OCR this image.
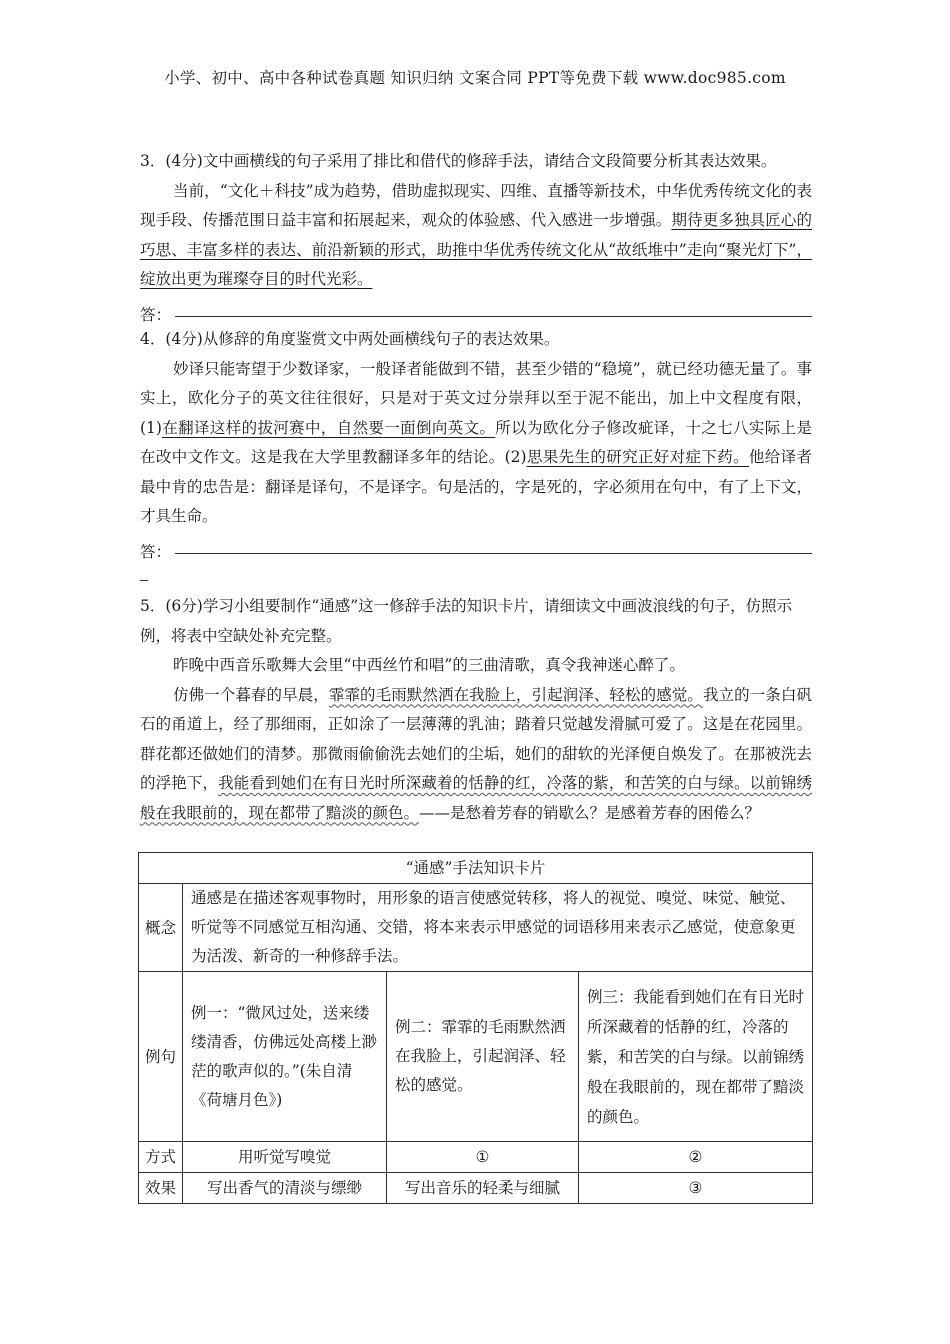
小学、初中、高中各种试卷真题 知识归纳 文案合同 PPT等免费下载 www.doc985.com

3．(4分)文中画横线的句子采用了排比和借代的修辞手法，请结合文段简要分析其表达效果。

当前，“文化＋科技”成为趋势，借助虚拟现实、四维、直播等新技术，中华优秀传统文化的表现手段、传播范围日益丰富和拓展起来，观众的体验感、代入感进一步增强。期待更多独具匠心的巧思、丰富多样的表达、前沿新颖的形式，助推中华优秀传统文化从“故纸堆中”走向“聚光灯下”，绽放出更为璀璨夺目的时代光彩。

答：

4．(4分)从修辞的角度鉴赏文中两处画横线句子的表达效果。

妙译只能寄望于少数译家，一般译者能做到不错，甚至少错的“稳境”，就已经功德无量了。事实上，欧化分子的英文往往很好，只是对于英文过分崇拜以至于泥不能出，加上中文程度有限，(1)在翻译这样的拔河赛中，自然要一面倒向英文。所以为欧化分子修改疵译，十之七八实际上是在改中文作文。这是我在大学里教翻译多年的结论。(2)思果先生的研究正好对症下药。他给译者最中肯的忠告是：翻译是译句，不是译字。句是活的，字是死的，字必须用在句中，有了上下文，才具生命。

答：

5．(6分)学习小组要制作“通感”这一修辞手法的知识卡片，请细读文中画波浪线的句子，仿照示例，将表中空缺处补充完整。

昨晚中西音乐歌舞大会里“中西丝竹和唱”的三曲清歌，真令我神迷心醉了。

仿佛一个暮春的早晨，霏霏的毛雨默然洒在我脸上，引起润泽、轻松的感觉。我立的一条白矾石的甬道上，经了那细雨，正如涂了一层薄薄的乳油；踏着只觉越发滑腻可爱了。这是在花园里。群花都还做她们的清梦。那微雨偷偷洗去她们的尘垢，她们的甜软的光泽便自焕发了。在那被洗去的浮艳下，我能看到她们在有日光时所深藏着的恬静的红，冷落的紫，和苦笑的白与绿。以前锦绣般在我眼前的，现在都带了黯淡的颜色。——是愁着芳春的销歇么？是感着芳春的困倦么？

“通感”手法知识卡片			
概念	通感是在描述客观事物时，用形象的语言使感觉转移，将人的视觉、嗅觉、味觉、触觉、听觉等不同感觉互相沟通、交错，将本来表示甲感觉的词语移用来表示乙感觉，使意象更为活泼、新奇的一种修辞手法。		
例句	例一：“微风过处，送来缕缕清香，仿佛远处高楼上渺茫的歌声似的。”(朱自清《荷塘月色》)	例二：霏霏的毛雨默然洒在我脸上，引起润泽、轻松的感觉。	例三：我能看到她们在有日光时所深藏着的恬静的红，冷落的紫，和苦笑的白与绿。以前锦绣般在我眼前的，现在都带了黯淡的颜色。
方式	用听觉写嗅觉	①	②
效果	写出香气的清淡与缥缈	写出音乐的轻柔与细腻	③
